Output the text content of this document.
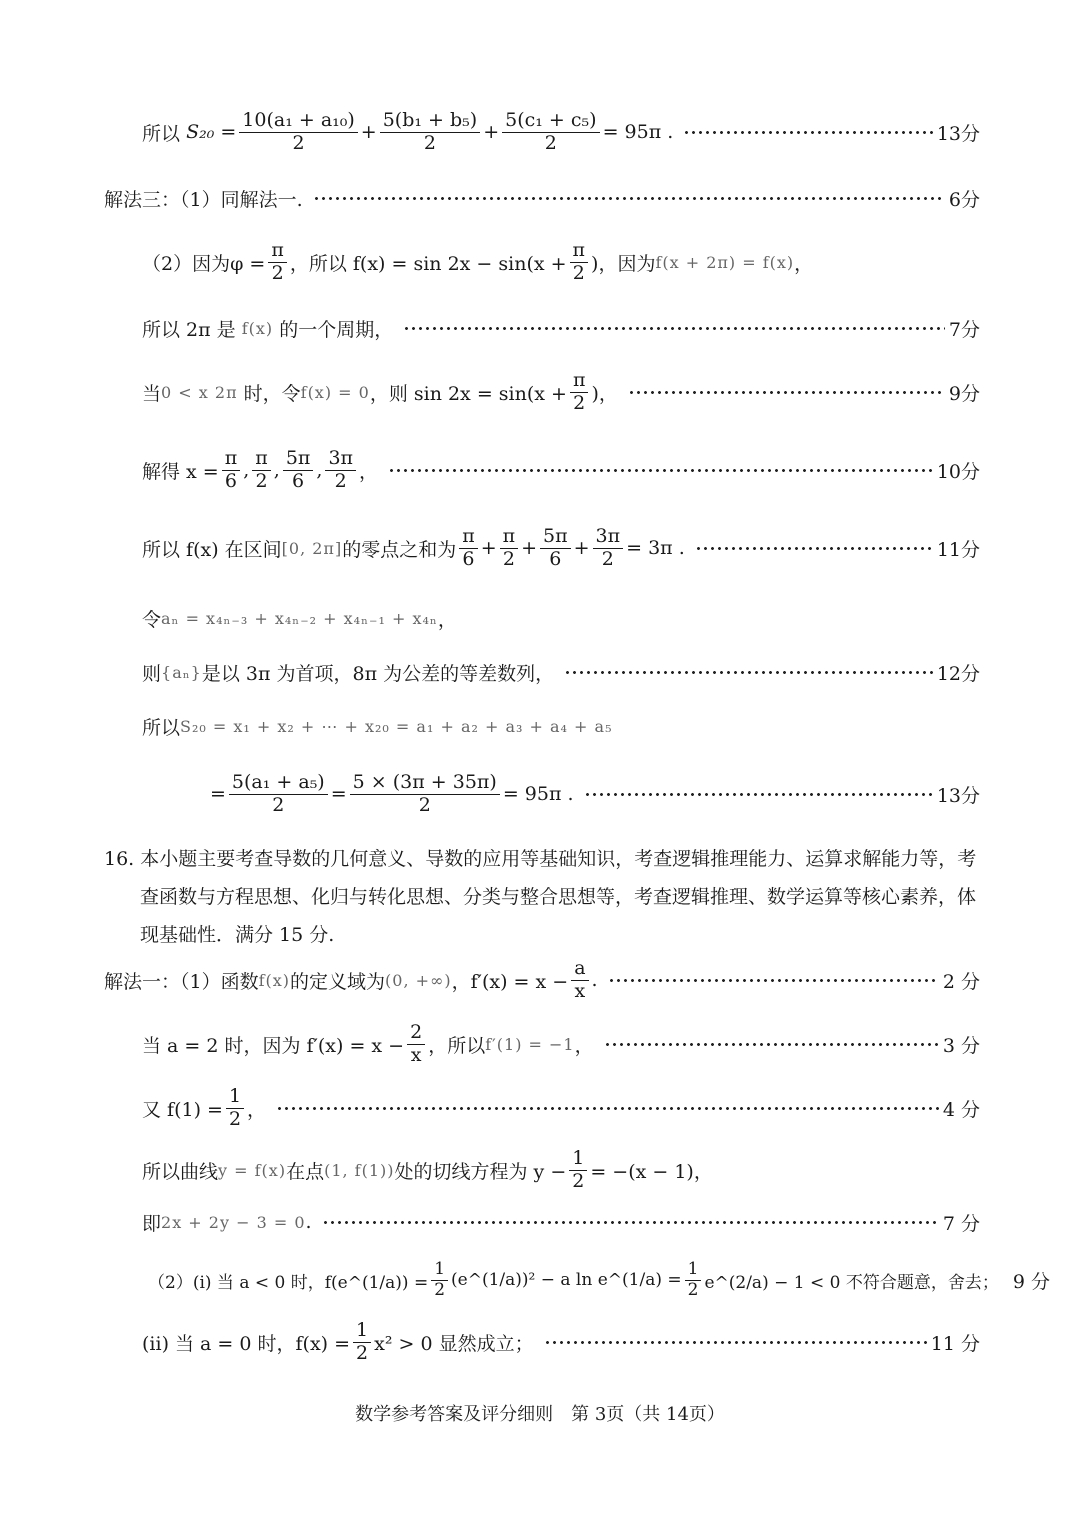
所以
$S_{20} = \frac{\text{10(a₁ + a₁₀)}}{2} + \frac{\text{5(b₁ + b₅)}}{2} + \frac{\text{5(c₁ + c₅)}}{2} = 95\pi$ .	13分
解法三：（1）同解法一.	6分
（2）因为$\varphi = \frac{\pi}{2}$ ，所以 $f(x) = \sin 2x - \sin(x + \frac{\pi}{2}$ )，因为 f(x + 2π) = f(x) ，
所以 2π 是
f(x)
的一个周期，	7分
当 0 < x 2π
时，令 f(x) = 0 ，则 $\sin 2x = \sin(x + \frac{\pi}{2}$ )，	9分
解得 $x = \frac{\pi}{6}$ , $\frac{\pi}{2}$ , $\frac{5\pi}{6}$ , $\frac{3\pi}{2}$ ，	10分
所以 f(x) 在区间 [0, 2π] 的零点之和为 $\frac{\pi}{6} + \frac{\pi}{2} + \frac{5\pi}{6} + \frac{3\pi}{2} = 3\pi$ .	11分
令 aₙ = x₄ₙ₋₃ + x₄ₙ₋₂ + x₄ₙ₋₁ + x₄ₙ ，
则 {aₙ} 是以 3π 为首项，8π 为公差的等差数列，	12分
所以 S₂₀ = x₁ + x₂ + ⋯ + x₂₀ = a₁ + a₂ + a₃ + a₄ + a₅
= $\frac{\text{5(a₁ + a₅)}}{2} = \frac{5 \times (3\pi + 35\pi)}{2} = 95\pi$ .	13分
16. 本小题主要考查导数的几何意义、导数的应用等基础知识，考查逻辑推理能力、运算求解能力等，考
查函数与方程思想、化归与转化思想、分类与整合思想等，考查逻辑推理、数学运算等核心素养，体现基础性．满分 15 分.
解法一：（1）函数 f(x) 的定义域为 (0, +∞) ，$f'(x) = x - \frac{a}{x}$ .	2 分
当 a = 2 时，因为 $f'(x) = x - \frac{2}{x}$ ，所以 f′(1) = −1 ，	3 分
又 $f(1) = \frac{1}{2}$ ，	4 分
所以曲线 y = f(x) 在点 (1, f(1)) 处的切线方程为 $y - \frac{1}{2} = -(x - 1)$，
即 2x + 2y − 3 = 0 .	7 分
（2）(i) 当 a < 0 时，f(e^(1/a)) = $\frac{1}{2}$ (e^(1/a))² − a ln e^(1/a) = $\frac{1}{2}$ e^(2/a) − 1 < 0 不符合题意，舍去； 9 分
(ii) 当 a = 0 时，$f(x) = \frac{1}{2} x^2 > 0$ 显然成立；	11 分
数学参考答案及评分细则　第 3页（共 14页）
